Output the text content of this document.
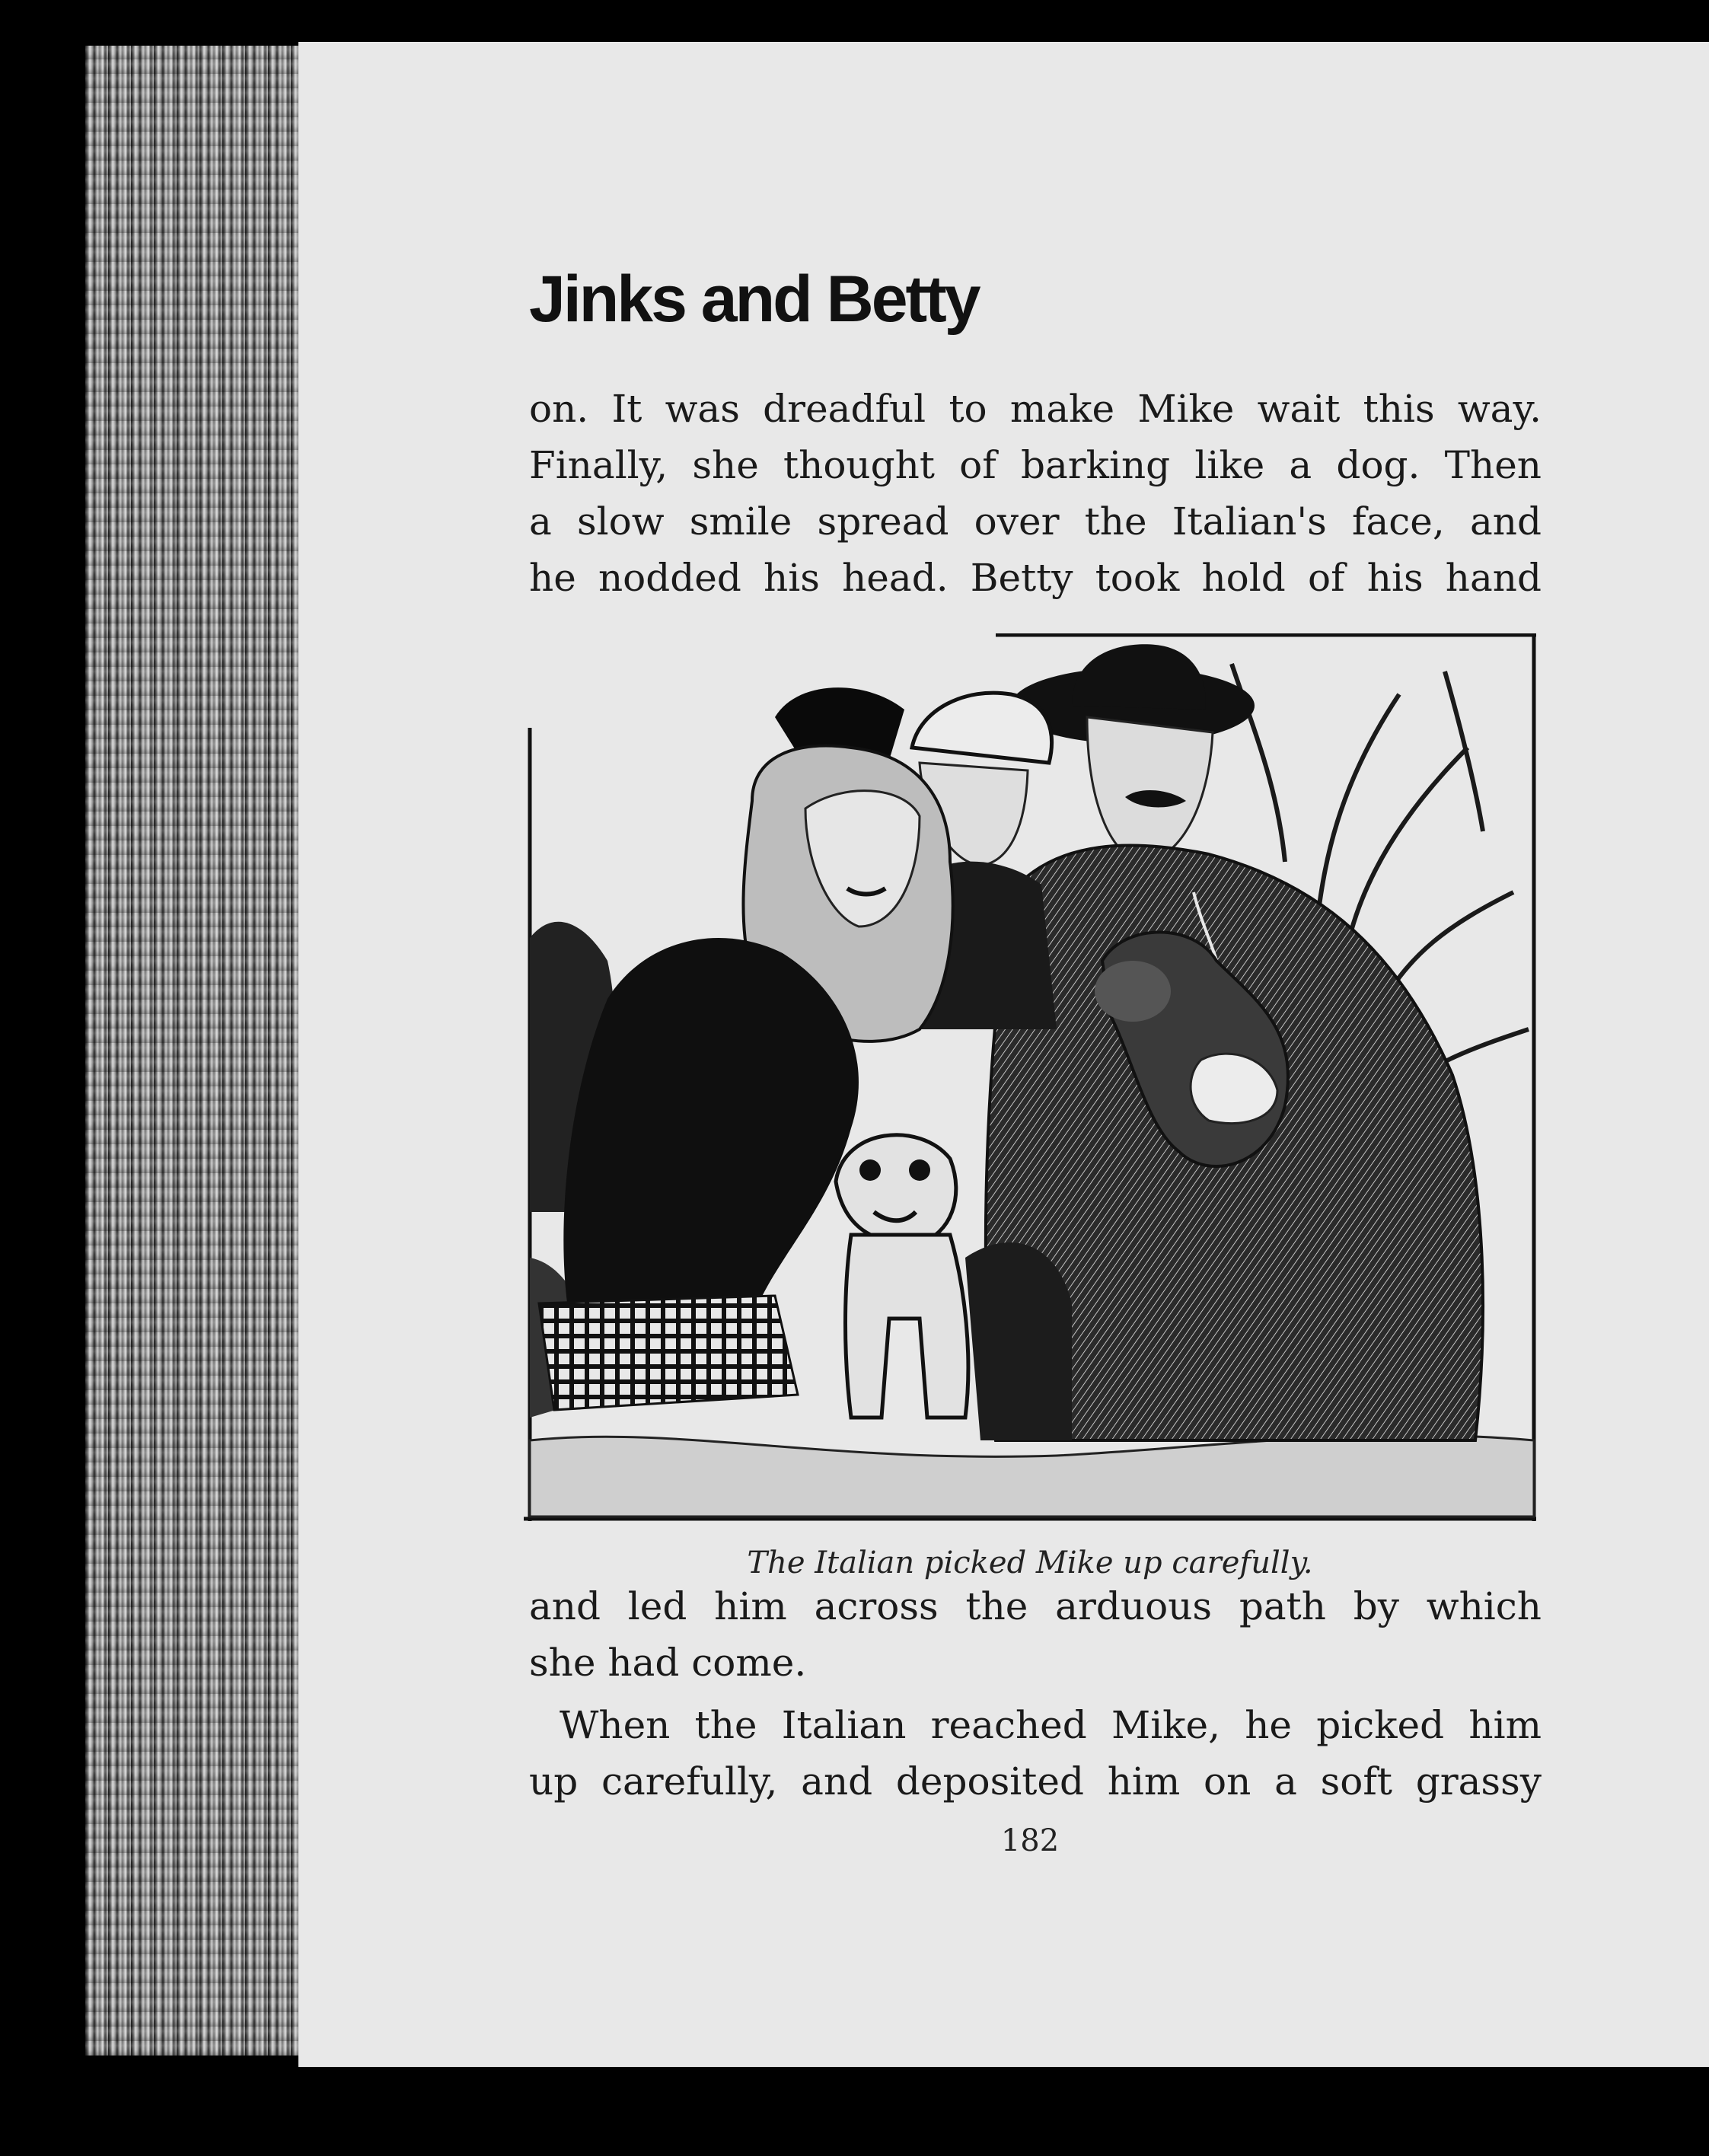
Jinks and Betty

on. It was dreadful to make Mike wait this way.

Finally, she thought of barking like a dog. Then

a slow smile spread over the Italian's face, and

he nodded his head. Betty took hold of his hand

The Italian picked Mike up carefully.

and led him across the arduous path by which

she had come.

When the Italian reached Mike, he picked him

up carefully, and deposited him on a soft grassy

182
